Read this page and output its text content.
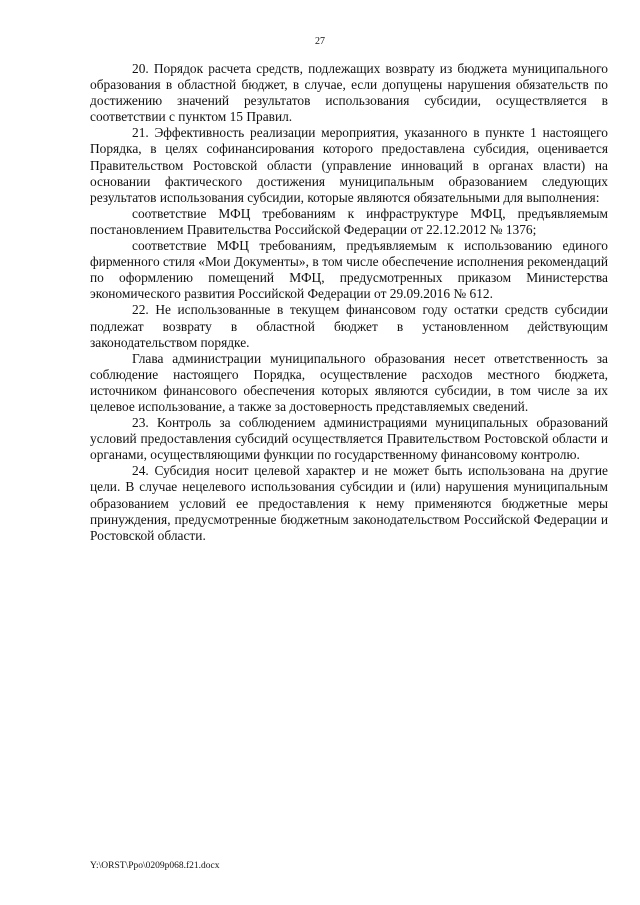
27

20. Порядок расчета средств, подлежащих возврату из бюджета муниципального образования в областной бюджет, в случае, если допущены нарушения обязательств по достижению значений результатов использования субсидии, осуществляется в соответствии с пунктом 15 Правил.

21. Эффективность реализации мероприятия, указанного в пункте 1 настоящего Порядка, в целях софинансирования которого предоставлена субсидия, оценивается Правительством Ростовской области (управление инноваций в органах власти) на основании фактического достижения муниципальным образованием следующих результатов использования субсидии, которые являются обязательными для выполнения:

соответствие МФЦ требованиям к инфраструктуре МФЦ, предъявляемым постановлением Правительства Российской Федерации от 22.12.2012 № 1376;

соответствие МФЦ требованиям, предъявляемым к использованию единого фирменного стиля «Мои Документы», в том числе обеспечение исполнения рекомендаций по оформлению помещений МФЦ, предусмотренных приказом Министерства экономического развития Российской Федерации от 29.09.2016 № 612.

22. Не использованные в текущем финансовом году остатки средств субсидии подлежат возврату в областной бюджет в установленном действующим законодательством порядке.

Глава администрации муниципального образования несет ответственность за соблюдение настоящего Порядка, осуществление расходов местного бюджета, источником финансового обеспечения которых являются субсидии, в том числе за их целевое использование, а также за достоверность представляемых сведений.

23. Контроль за соблюдением администрациями муниципальных образований условий предоставления субсидий осуществляется Правительством Ростовской области и органами, осуществляющими функции по государственному финансовому контролю.

24. Субсидия носит целевой характер и не может быть использована на другие цели. В случае нецелевого использования субсидии и (или) нарушения муниципальным образованием условий ее предоставления к нему применяются бюджетные меры принуждения, предусмотренные бюджетным законодательством Российской Федерации и Ростовской области.

Y:\ORST\Ppo\0209p068.f21.docx
